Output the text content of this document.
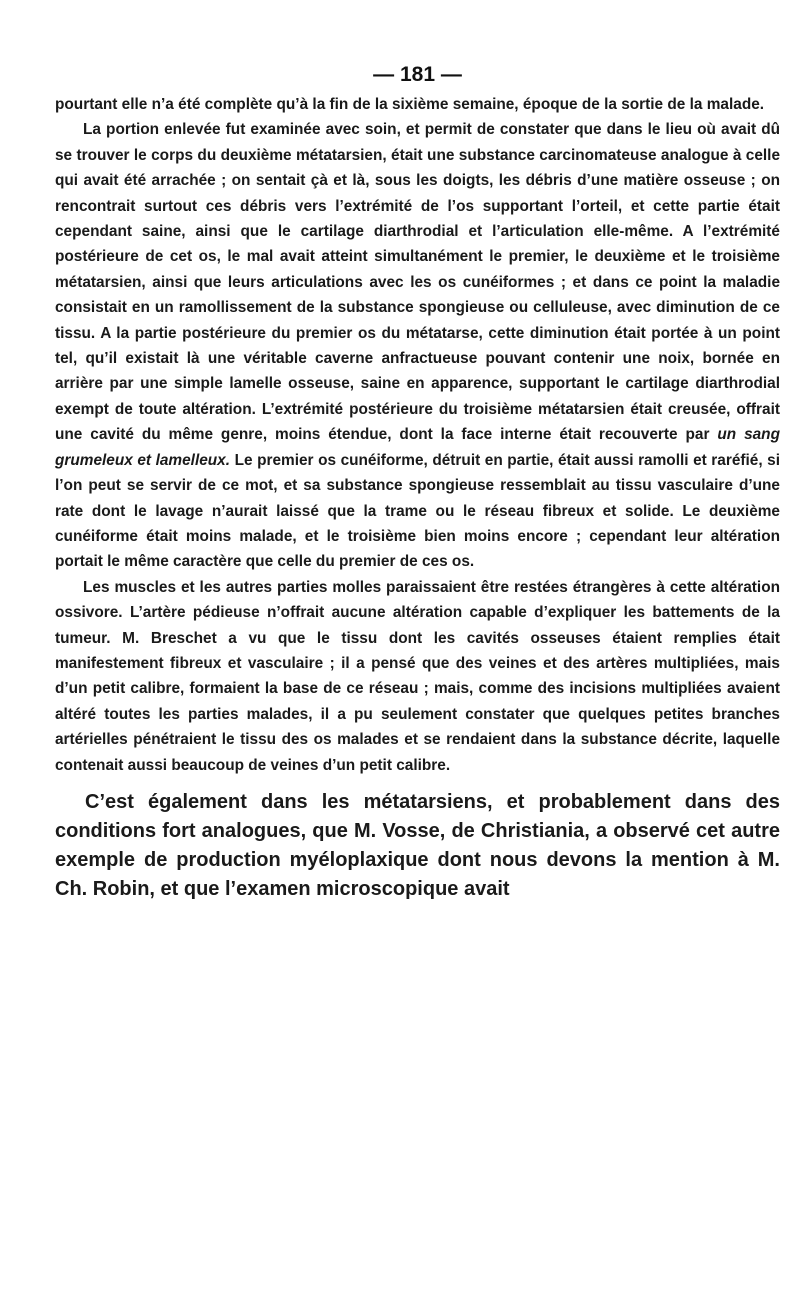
— 181 —

pourtant elle n’a été complète qu’à la fin de la sixième semaine, époque de la sortie de la malade.

La portion enlevée fut examinée avec soin, et permit de constater que dans le lieu où avait dû se trouver le corps du deuxième métatarsien, était une substance carcinomateuse analogue à celle qui avait été arrachée ; on sentait çà et là, sous les doigts, les débris d’une matière osseuse ; on rencontrait surtout ces débris vers l’extrémité de l’os supportant l’orteil, et cette partie était cependant saine, ainsi que le cartilage diarthrodial et l’articulation elle-même. A l’extrémité postérieure de cet os, le mal avait atteint simultanément le premier, le deuxième et le troisième métatarsien, ainsi que leurs articulations avec les os cunéiformes ; et dans ce point la maladie consistait en un ramollissement de la substance spongieuse ou celluleuse, avec diminution de ce tissu. A la partie postérieure du premier os du métatarse, cette diminution était portée à un point tel, qu’il existait là une véritable caverne anfractueuse pouvant contenir une noix, bornée en arrière par une simple lamelle osseuse, saine en apparence, supportant le cartilage diarthrodial exempt de toute altération. L’extrémité postérieure du troisième métatarsien était creusée, offrait une cavité du même genre, moins étendue, dont la face interne était recouverte par un sang grumeleux et lamelleux. Le premier os cunéiforme, détruit en partie, était aussi ramolli et raréfié, si l’on peut se servir de ce mot, et sa substance spongieuse ressemblait au tissu vasculaire d’une rate dont le lavage n’aurait laissé que la trame ou le réseau fibreux et solide. Le deuxième cunéiforme était moins malade, et le troisième bien moins encore ; cependant leur altération portait le même caractère que celle du premier de ces os.

Les muscles et les autres parties molles paraissaient être restées étrangères à cette altération ossivore. L’artère pédieuse n’offrait aucune altération capable d’expliquer les battements de la tumeur. M. Breschet a vu que le tissu dont les cavités osseuses étaient remplies était manifestement fibreux et vasculaire ; il a pensé que des veines et des artères multipliées, mais d’un petit calibre, formaient la base de ce réseau ; mais, comme des incisions multipliées avaient altéré toutes les parties malades, il a pu seulement constater que quelques petites branches artérielles pénétraient le tissu des os malades et se rendaient dans la substance décrite, laquelle contenait aussi beaucoup de veines d’un petit calibre.

C’est également dans les métatarsiens, et probablement dans des conditions fort analogues, que M. Vosse, de Christiania, a observé cet autre exemple de production myéloplaxique dont nous devons la mention à M. Ch. Robin, et que l’examen microscopique avait
